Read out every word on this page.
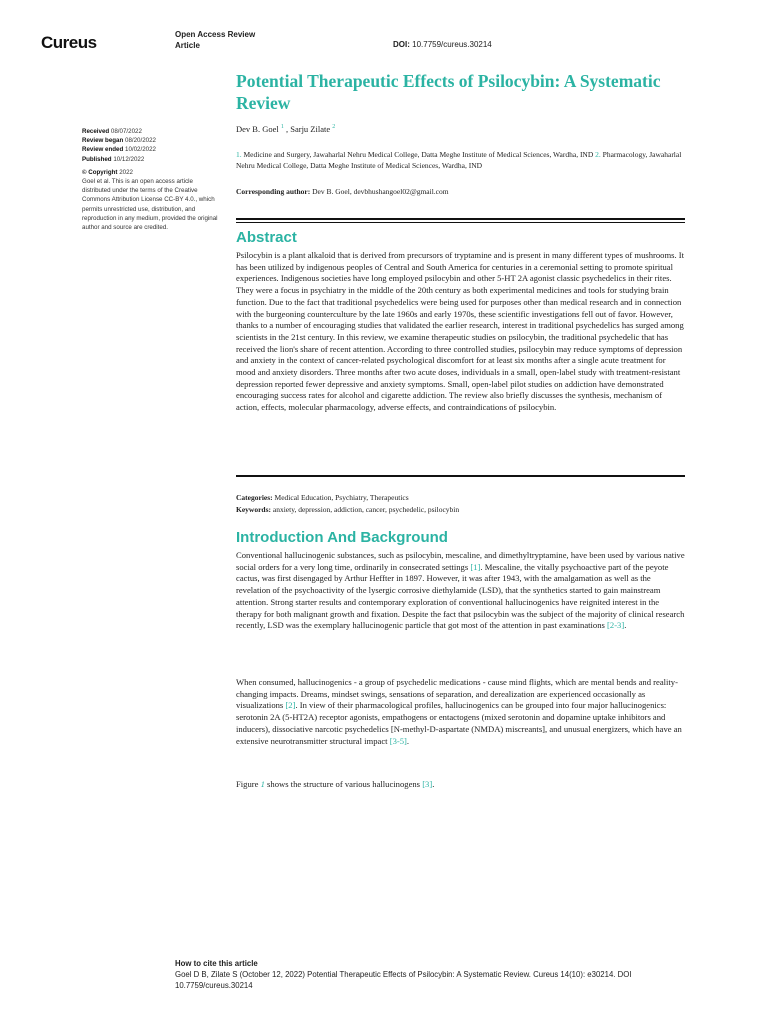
Cureus	Open Access Review
Article	DOI: 10.7759/cureus.30214
Potential Therapeutic Effects of Psilocybin: A Systematic Review
Dev B. Goel $^1$ , Sarju Zilate $^2$
1. Medicine and Surgery, Jawaharlal Nehru Medical College, Datta Meghe Institute of Medical Sciences, Wardha, IND 2. Pharmacology, Jawaharlal Nehru Medical College, Datta Meghe Institute of Medical Sciences, Wardha, IND
Corresponding author: Dev B. Goel, devbhushangoel02@gmail.com
Received 08/07/2022
Review began 08/20/2022
Review ended 10/02/2022
Published 10/12/2022
© Copyright 2022
Goel et al. This is an open access article distributed under the terms of the Creative Commons Attribution License CC-BY 4.0., which permits unrestricted use, distribution, and reproduction in any medium, provided the original author and source are credited.
Abstract
Psilocybin is a plant alkaloid that is derived from precursors of tryptamine and is present in many different types of mushrooms. It has been utilized by indigenous peoples of Central and South America for centuries in a ceremonial setting to promote spiritual experiences. Indigenous societies have long employed psilocybin and other 5-HT 2A agonist classic psychedelics in their rites. They were a focus in psychiatry in the middle of the 20th century as both experimental medicines and tools for studying brain function. Due to the fact that traditional psychedelics were being used for purposes other than medical research and in connection with the burgeoning counterculture by the late 1960s and early 1970s, these scientific investigations fell out of favor. However, thanks to a number of encouraging studies that validated the earlier research, interest in traditional psychedelics has surged among scientists in the 21st century. In this review, we examine therapeutic studies on psilocybin, the traditional psychedelic that has received the lion's share of recent attention. According to three controlled studies, psilocybin may reduce symptoms of depression and anxiety in the context of cancer-related psychological discomfort for at least six months after a single acute treatment for mood and anxiety disorders. Three months after two acute doses, individuals in a small, open-label study with treatment-resistant depression reported fewer depressive and anxiety symptoms. Small, open-label pilot studies on addiction have demonstrated encouraging success rates for alcohol and cigarette addiction. The review also briefly discusses the synthesis, mechanism of action, effects, molecular pharmacology, adverse effects, and contraindications of psilocybin.
Categories: Medical Education, Psychiatry, Therapeutics
Keywords: anxiety, depression, addiction, cancer, psychedelic, psilocybin
Introduction And Background
Conventional hallucinogenic substances, such as psilocybin, mescaline, and dimethyltryptamine, have been used by various native social orders for a very long time, ordinarily in consecrated settings [1]. Mescaline, the vitally psychoactive part of the peyote cactus, was first disengaged by Arthur Heffter in 1897. However, it was after 1943, with the amalgamation as well as the revelation of the psychoactivity of the lysergic corrosive diethylamide (LSD), that the synthetics started to gain mainstream attention. Strong starter results and contemporary exploration of conventional hallucinogenics have reignited interest in the therapy for both malignant growth and fixation. Despite the fact that psilocybin was the subject of the majority of clinical research recently, LSD was the exemplary hallucinogenic particle that got most of the attention in past examinations [2-3].
When consumed, hallucinogenics - a group of psychedelic medications - cause mind flights, which are mental bends and reality-changing impacts. Dreams, mindset swings, sensations of separation, and derealization are experienced occasionally as visualizations [2]. In view of their pharmacological profiles, hallucinogenics can be grouped into four major hallucinogenics: serotonin 2A (5-HT2A) receptor agonists, empathogens or entactogens (mixed serotonin and dopamine uptake inhibitors and inducers), dissociative narcotic psychedelics [N-methyl-D-aspartate (NMDA) miscreants], and unusual energizers, which have an extensive neurotransmitter structural impact [3-5].
Figure 1 shows the structure of various hallucinogens [3].
How to cite this article
Goel D B, Zilate S (October 12, 2022) Potential Therapeutic Effects of Psilocybin: A Systematic Review. Cureus 14(10): e30214. DOI 10.7759/cureus.30214
